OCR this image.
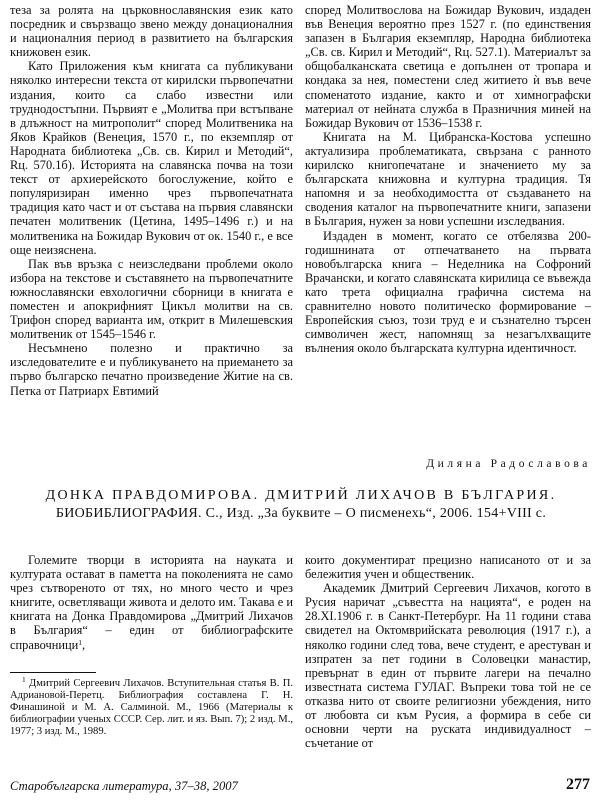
теза за ролята на църковнославянския език като посредник и свързващо звено между донационалния и националния период в развитието на българския книжовен език.

Като Приложения към книгата са публикувани няколко интересни текста от кирилски първопечатни издания, които са слабо известни или труднодостъпни. Първият е „Молитва при встъпване в длъжност на митрополит“ според Молитвеника на Яков Крайков (Венеция, 1570 г., по екземпляр от Народната библиотека „Св. св. Кирил и Методий“, Rц. 570.1б). Историята на славянска почва на този текст от архиерейското богослужение, който е популяризиран именно чрез първопечатната традиция като част и от състава на първия славянски печатен молитвеник (Цетина, 1495–1496 г.) и на молитвеника на Божидар Вукович от ок. 1540 г., е все още неизяснена.

Пак във връзка с неизследвани проблеми около избора на текстове и съставянето на първопечатните южнославянски евхологични сборници в книгата е поместен и апокрифният Цикъл молитви на св. Трифон според варианта им, открит в Милешевския молитвеник от 1545–1546 г.

Несъмнено полезно и практично за изследователите е и публикуването на приемането за първо българско печатно произведение Житие на св. Петка от Патриарх Евтимий

според Молитвослова на Божидар Вукович, издаден във Венеция вероятно през 1527 г. (по единствения запазен в България екземпляр, Народна библиотека „Св. св. Кирил и Методий“, Rц. 527.1). Материалът за общобалканската светица е допълнен от тропара и кондака за нея, поместени след житието ѝ във вече споменатото издание, както и от химнографски материал от нейната служба в Празничния миней на Божидар Вукович от 1536–1538 г.

Книгата на М. Цибранска-Костова успешно актуализира проблематиката, свързана с ранното кирилско книгопечатане и значението му за българската книжовна и културна традиция. Тя напомня и за необходимостта от създаването на сводения каталог на първопечатните книги, запазени в България, нужен за нови успешни изследвания.

Издаден в момент, когато се отбелязва 200-годишнината от отпечатването на първата новобългарска книга – Неделника на Софроний Врачански, и когато славянската кирилица се въвежда като трета официална графична система на сравнително новото политическо формирование – Европейския съюз, този труд е и съзнателно търсен символичен жест, напомнящ за незагълхващите вълнения около българската културна идентичност.

Дилянa Радославова
ДОНКА ПРАВДОМИРОВА. ДМИТРИЙ ЛИХАЧОВ В БЪЛГАРИЯ.
БИОБИБЛИОГРАФИЯ. С., Изд. „За буквите – О писменехь“, 2006. 154+VIII с.

Големите творци в историята на науката и културата остават в паметта на поколенията не само чрез сътвореното от тях, но много често и чрез книгите, осветляващи живота и делото им. Такава е и книгата на Донка Правдомирова „Дмитрий Лихачов в България“ – един от библиографските справочници$^1$,

$^1$ Дмитрий Сергеевич Лихачов. Вступительная статья В. П. Адриановой-Перетц. Библиография составлена Г. Н. Финашиной и М. А. Салминой. М., 1966 (Материалы к библиографии ученых СССР. Сер. лит. и яз. Вып. 7); 2 изд. М., 1977; 3 изд. М., 1989.

които документират прецизно написаното от и за бележития учен и общественик.

Академик Дмитрий Сергеевич Лихачов, когото в Русия наричат „съвестта на нацията“, е роден на 28.XI.1906 г. в Санкт-Петербург. На 11 години става свидетел на Октомврийската революция (1917 г.), а няколко години след това, вече студент, е арестуван и изпратен за пет години в Соловецки манастир, превърнат в един от първите лагери на печално известната система ГУЛАГ. Въпреки това той не се отказва нито от своите религиозни убеждения, нито от любовта си към Русия, а формира в себе си основни черти на руската индивидуалност – съчетание от

Старобългарска литература, 37–38, 2007	277
